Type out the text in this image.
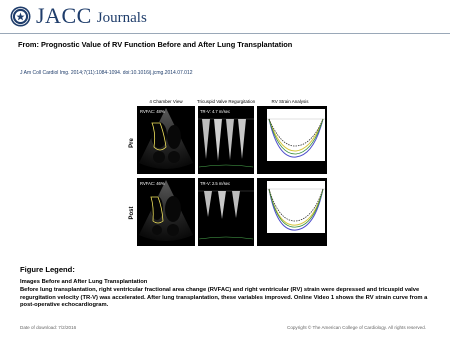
JACC Journals
From: Prognostic Value of RV Function Before and After Lung Transplantation
J Am Coll Cardiol Img. 2014;7(11):1084-1094. doi:10.1016/j.jcmg.2014.07.012
4 Chamber View	Tricuspid Valve Regurgitation	RV Strain Analysis
Pre
Post
RVFAC: 48%	TR-V: 4.7 m/sec
RV Strain: -16%
RVFAC: 46%	TR-V: 2.5 m/sec
RV Strain: -26%
Figure Legend:
Images Before and After Lung Transplantation
Before lung transplantation, right ventricular fractional area change (RVFAC) and right ventricular (RV) strain were depressed and tricuspid valve regurgitation velocity (TR-V) was accelerated. After lung transplantation, these variables improved. Online Video 1 shows the RV strain curve from a post-operative echocardiogram.
Date of download: 7/2/2016	Copyright © The American College of Cardiology. All rights reserved.
